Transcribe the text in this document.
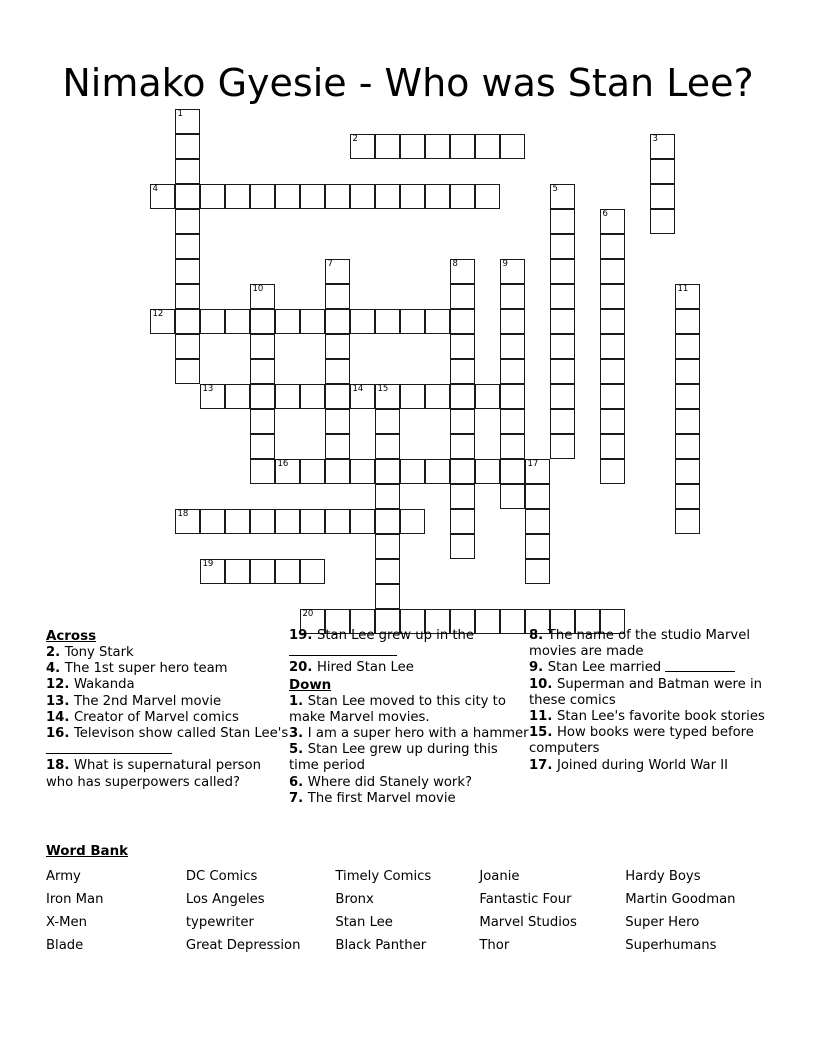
Nimako Gyesie - Who was Stan Lee?
1
2	3
4	5
6
7	8	9
10	11
12
13	14 15
16	17
18
19
20
Across
2. Tony Stark
4. The 1st super hero team
12. Wakanda
13. The 2nd Marvel movie
14. Creator of Marvel comics
16. Televison show called Stan Lee's
18. What is supernatural person who has superpowers called?
19. Stan Lee grew up in the
20. Hired Stan Lee
Down
1. Stan Lee moved to this city to make Marvel movies.
3. I am a super hero with a hammer
5. Stan Lee grew up during this time period
6. Where did Stanely work?
7. The first Marvel movie
8. The name of the studio Marvel movies are made
9. Stan Lee married
10. Superman and Batman were in these comics
11. Stan Lee's favorite book stories
15. How books were typed before computers
17. Joined during World War II
Word Bank
Army	DC Comics	Timely Comics	Joanie	Hardy Boys
Iron Man	Los Angeles	Bronx	Fantastic Four	Martin Goodman
X-Men	typewriter	Stan Lee	Marvel Studios	Super Hero
Blade	Great Depression	Black Panther	Thor	Superhumans
